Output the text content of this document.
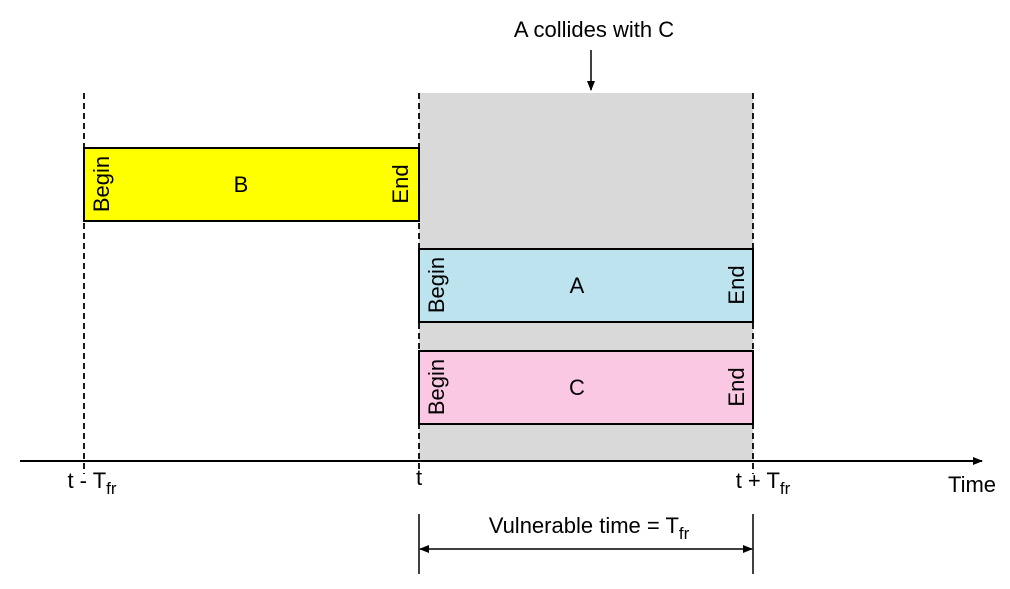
A collides with C
B
Begin	End
A
Begin	End
C
Begin	End
Time
t - $T_{fr}$	t	$t + T_{fr}$
Vulnerable time = $T_{fr}$
